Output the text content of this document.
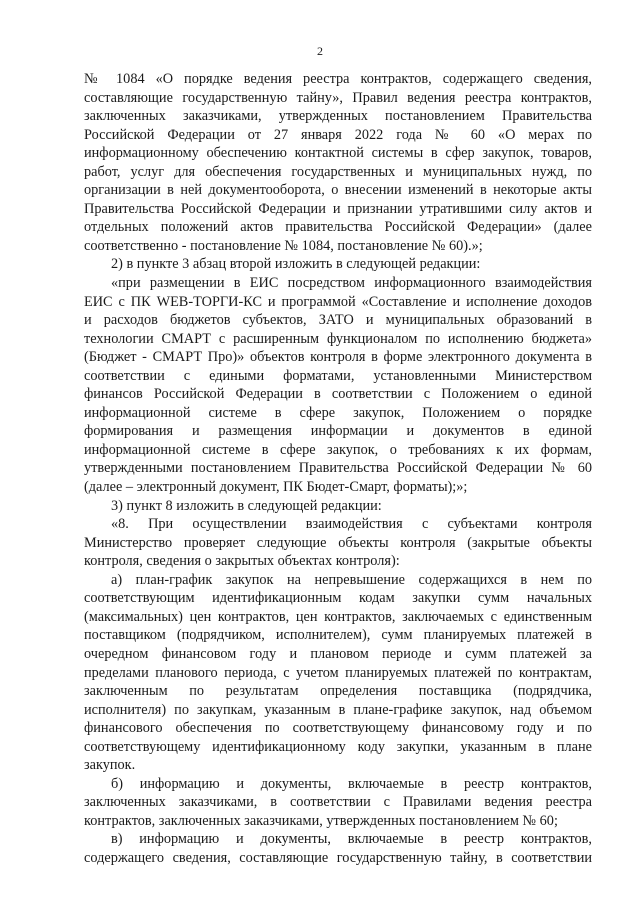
2
№ 1084 «О порядке ведения реестра контрактов, содержащего сведения,
составляющие государственную тайну», Правил ведения реестра контрактов,
заключенных заказчиками, утвержденных постановлением Правительства
Российской Федерации от 27 января 2022 года № 60 «О мерах по
информационному обеспечению контактной системы в сфер закупок, товаров,
работ, услуг для обеспечения государственных и муниципальных нужд, по
организации в ней документооборота, о внесении изменений в некоторые акты
Правительства Российской Федерации и признании утратившими силу актов и
отдельных положений актов правительства Российской Федерации» (далее
соответственно - постановление № 1084, постановление № 60).»;
2) в пункте 3 абзац второй изложить в следующей редакции:
«при размещении в ЕИС посредством информационного взаимодействия
ЕИС с ПК WEB-ТОРГИ-КС и программой «Составление и исполнение доходов
и расходов бюджетов субъектов, ЗАТО и муниципальных образований в
технологии СМАРТ с расширенным функционалом по исполнению бюджета»
(Бюджет - СМАРТ Про)» объектов контроля в форме электронного документа в
соответствии с едиными форматами, установленными Министерством
финансов Российской Федерации в соответствии с Положением о единой
информационной системе в сфере закупок, Положением о порядке
формирования и размещения информации и документов в единой
информационной системе в сфере закупок, о требованиях к их формам,
утвержденными постановлением Правительства Российской Федерации № 60
(далее – электронный документ, ПК Бюдет-Смарт, форматы);»;
3) пункт 8 изложить в следующей редакции:
«8. При осуществлении взаимодействия с субъектами контроля
Министерство проверяет следующие объекты контроля (закрытые объекты
контроля, сведения о закрытых объектах контроля):
а) план-график закупок на непревышение содержащихся в нем по
соответствующим идентификационным кодам закупки сумм начальных
(максимальных) цен контрактов, цен контрактов, заключаемых с единственным
поставщиком (подрядчиком, исполнителем), сумм планируемых платежей в
очередном финансовом году и плановом периоде и сумм платежей за
пределами планового периода, с учетом планируемых платежей по контрактам,
заключенным по результатам определения поставщика (подрядчика,
исполнителя) по закупкам, указанным в плане-графике закупок, над объемом
финансового обеспечения по соответствующему финансовому году и по
соответствующему идентификационному коду закупки, указанным в плане
закупок.
б) информацию и документы, включаемые в реестр контрактов,
заключенных заказчиками, в соответствии с Правилами ведения реестра
контрактов, заключенных заказчиками, утвержденных постановлением № 60;
в) информацию и документы, включаемые в реестр контрактов,
содержащего сведения, составляющие государственную тайну, в соответствии
